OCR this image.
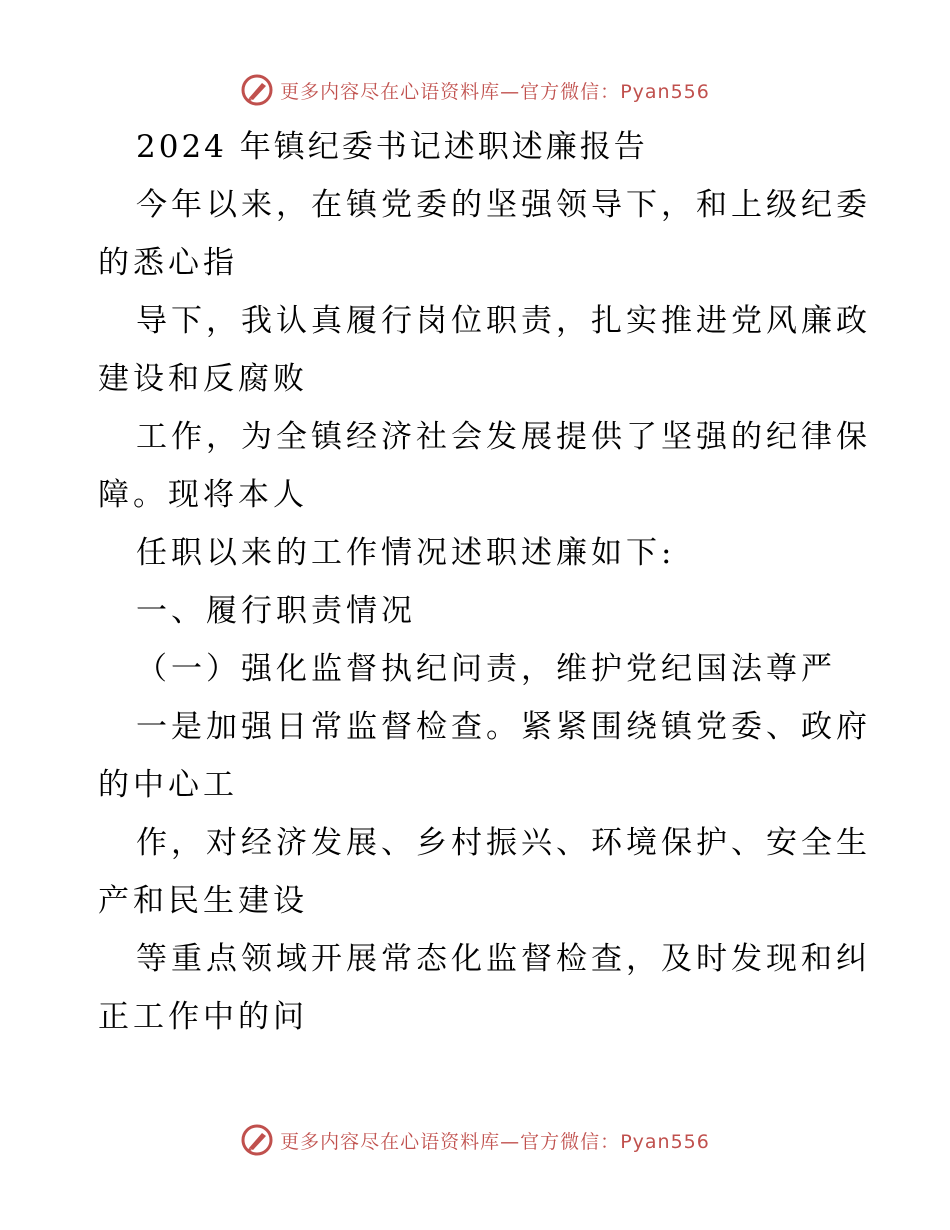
更多内容尽在心语资料库—官方微信：Pyan556
2024 年镇纪委书记述职述廉报告
今年以来，在镇党委的坚强领导下，和上级纪委
的悉心指
导下，我认真履行岗位职责，扎实推进党风廉政
建设和反腐败
工作，为全镇经济社会发展提供了坚强的纪律保
障。现将本人
任职以来的工作情况述职述廉如下:
一、履行职责情况
（一）强化监督执纪问责，维护党纪国法尊严
一是加强日常监督检查。紧紧围绕镇党委、政府
的中心工
作，对经济发展、乡村振兴、环境保护、安全生
产和民生建设
等重点领域开展常态化监督检查，及时发现和纠
正工作中的问
更多内容尽在心语资料库—官方微信：Pyan556
